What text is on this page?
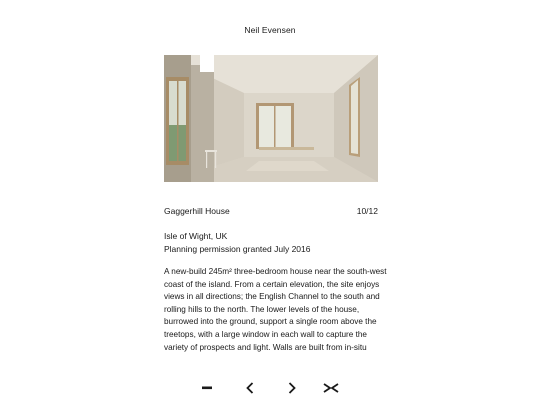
Neil Evensen
Gaggerhill House	10/12
Isle of Wight, UK
Planning permission granted July 2016
A new-build 245m² three-bedroom house near the south-west
coast of the island. From a certain elevation, the site enjoys
views in all directions; the English Channel to the south and
rolling hills to the north. The lower levels of the house,
burrowed into the ground, support a single room above the
treetops, with a large window in each wall to capture the
variety of prospects and light. Walls are built from in-situ
